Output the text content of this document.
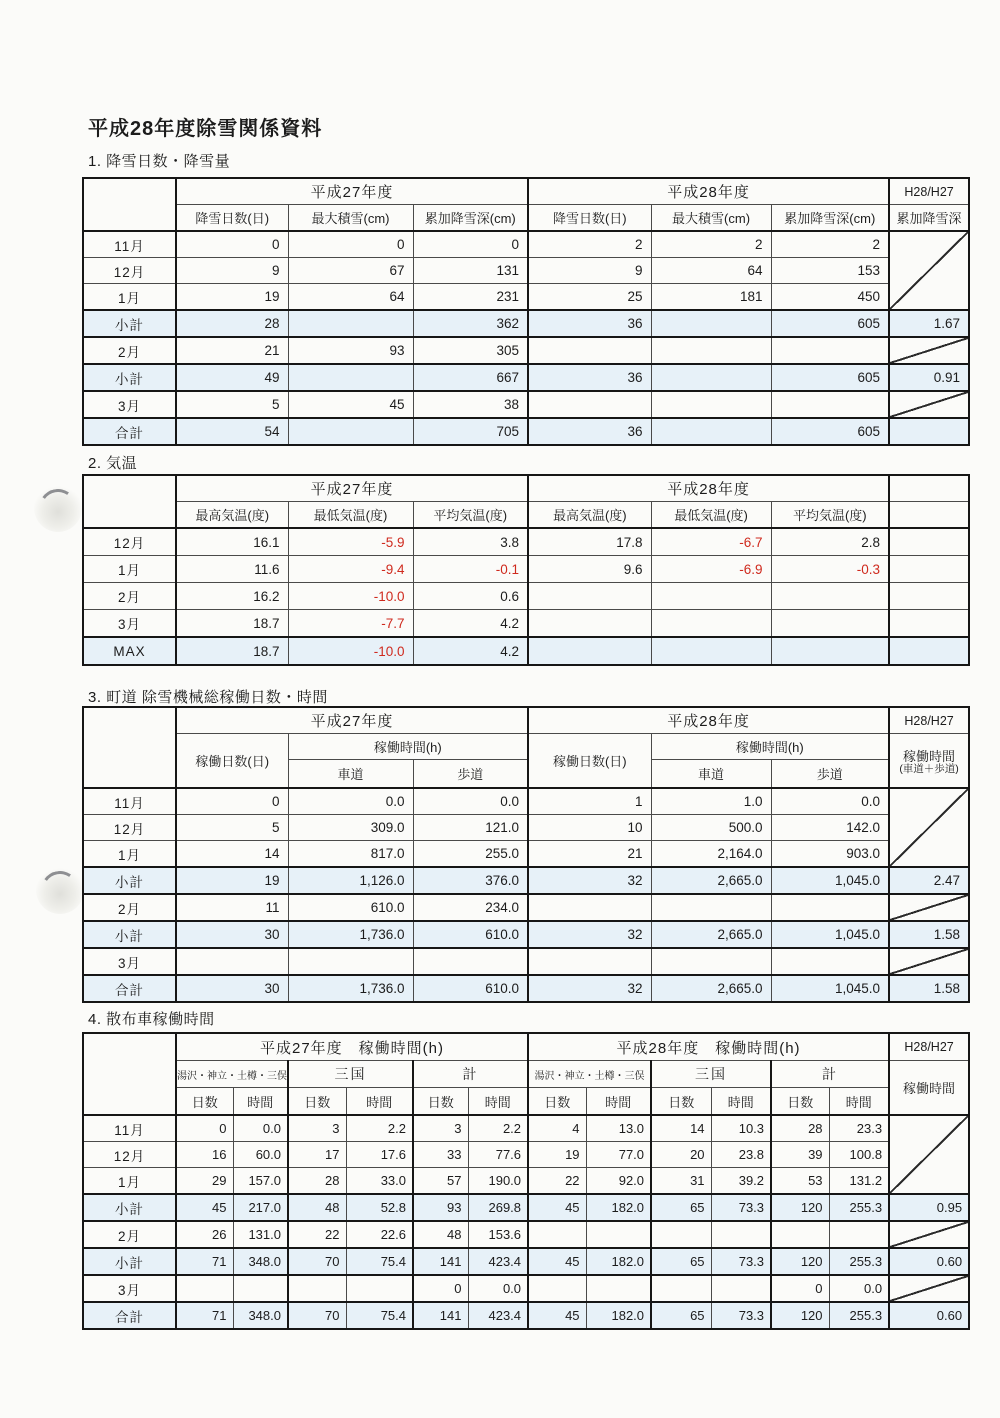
平成28年度除雪関係資料
1. 降雪日数・降雪量
	平成27年度			平成28年度			H28/H27
	降雪日数(日)	最大積雪(cm)	累加降雪深(cm)	降雪日数(日)	最大積雪(cm)	累加降雪深(cm)	累加降雪深
11月	0	0	0	2	2	2	
12月	9	67	131	9	64	153	
1月	19	64	231	25	181	450	
小計	28		362	36		605	1.67
2月	21	93	305				
小計	49		667	36		605	0.91
3月	5	45	38				
合計	54		705	36		605	
2. 気温
	平成27年度			平成28年度			
	最高気温(度)	最低気温(度)	平均気温(度)	最高気温(度)	最低気温(度)	平均気温(度)	
12月	16.1	-5.9	3.8	17.8	-6.7	2.8	
1月	11.6	-9.4	-0.1	9.6	-6.9	-0.3	
2月	16.2	-10.0	0.6				
3月	18.7	-7.7	4.2				
MAX	18.7	-10.0	4.2				
3. 町道 除雪機械総稼働日数・時間
	平成27年度			平成28年度			H28/H27
	稼働日数(日)	稼働時間(h)		稼働日数(日)	稼働時間(h)		稼働時間
(車道＋歩道)

		車道	歩道		車道	歩道	
11月	0	0.0	0.0	1	1.0	0.0	
12月	5	309.0	121.0	10	500.0	142.0	
1月	14	817.0	255.0	21	2,164.0	903.0	
小計	19	1,126.0	376.0	32	2,665.0	1,045.0	2.47
2月	11	610.0	234.0				
小計	30	1,736.0	610.0	32	2,665.0	1,045.0	1.58
3月							
合計	30	1,736.0	610.0	32	2,665.0	1,045.0	1.58
4. 散布車稼働時間
	平成27年度　稼働時間(h)						平成28年度　稼働時間(h)						H28/H27
	湯沢・神立・土樽・三俣		三国		計		湯沢・神立・土樽・三俣		三国		計		稼働時間
	日数	時間	日数	時間	日数	時間	日数	時間	日数	時間	日数	時間	
11月	0	0.0	3	2.2	3	2.2	4	13.0	14	10.3	28	23.3	
12月	16	60.0	17	17.6	33	77.6	19	77.0	20	23.8	39	100.8	
1月	29	157.0	28	33.0	57	190.0	22	92.0	31	39.2	53	131.2	
小計	45	217.0	48	52.8	93	269.8	45	182.0	65	73.3	120	255.3	0.95
2月	26	131.0	22	22.6	48	153.6							
小計	71	348.0	70	75.4	141	423.4	45	182.0	65	73.3	120	255.3	0.60
3月					0	0.0					0	0.0	
合計	71	348.0	70	75.4	141	423.4	45	182.0	65	73.3	120	255.3	0.60
